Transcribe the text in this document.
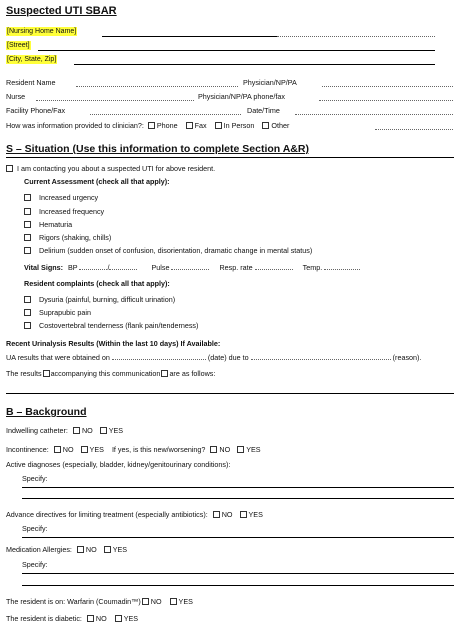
Suspected UTI SBAR
[Nursing Home Name]
[Street]
[City, State, Zip]
Resident Name	Physician/NP/PA
Nurse	Physician/NP/PA phone/fax
Facility Phone/Fax	Date/Time
How was information provided to clinician?: Phone Fax In Person Other
S – Situation (Use this information to complete Section A&R)
I am contacting you about a suspected UTI for above resident.
Current Assessment (check all that apply):
Increased urgency
Increased frequency
Hematuria
Rigors (shaking, chills)
Delirium (sudden onset of confusion, disorientation, dramatic change in mental status)
Vital Signs: BP	/	Pulse	Resp. rate	Temp.
Resident complaints (check all that apply):
Dysuria (painful, burning, difficult urination)
Suprapubic pain
Costovertebral tenderness (flank pain/tenderness)
Recent Urinalysis Results (Within the last 10 days) If Available:
UA results that were obtained on	(date) due to	(reason).
The results accompanying this communication are as follows:
B – Background
Indwelling catheter: NO YES
Incontinence: NO YES If yes, is this new/worsening? NO YES
Active diagnoses (especially, bladder, kidney/genitourinary conditions):
Specify:
Advance directives for limiting treatment (especially antibiotics): NO YES
Specify:
Medication Allergies: NO YES
Specify:
The resident is on: Warfarin (Coumadin™) NO YES
The resident is diabetic: NO YES
